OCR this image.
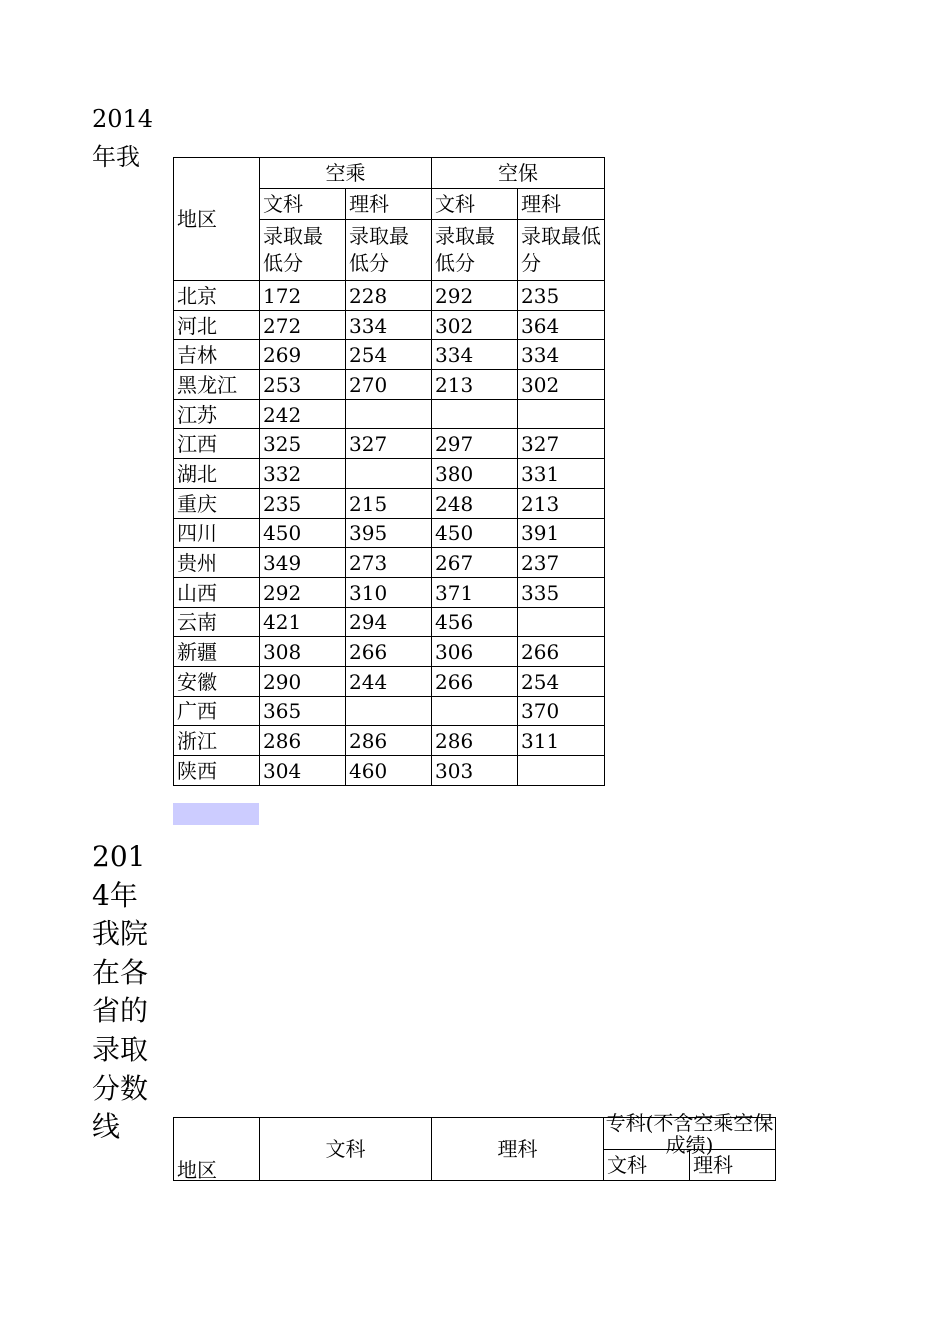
2014
年我
地区	空乘		空保	
	文科	理科	文科	理科
	录取最低分	录取最低分	录取最低分	录取最低分
北京	172	228	292	235
河北	272	334	302	364
吉林	269	254	334	334
黑龙江	253	270	213	302
江苏	242			
江西	325	327	297	327
湖北	332		380	331
重庆	235	215	248	213
四川	450	395	450	391
贵州	349	273	267	237
山西	292	310	371	335
云南	421	294	456	
新疆	308	266	306	266
安徽	290	244	266	254
广西	365			370
浙江	286	286	286	311
陕西	304	460	303	
2014年我院在各省的录取分数线
地区	文科	理科	专科(不含空乘空保成绩)	

			文科	理科
